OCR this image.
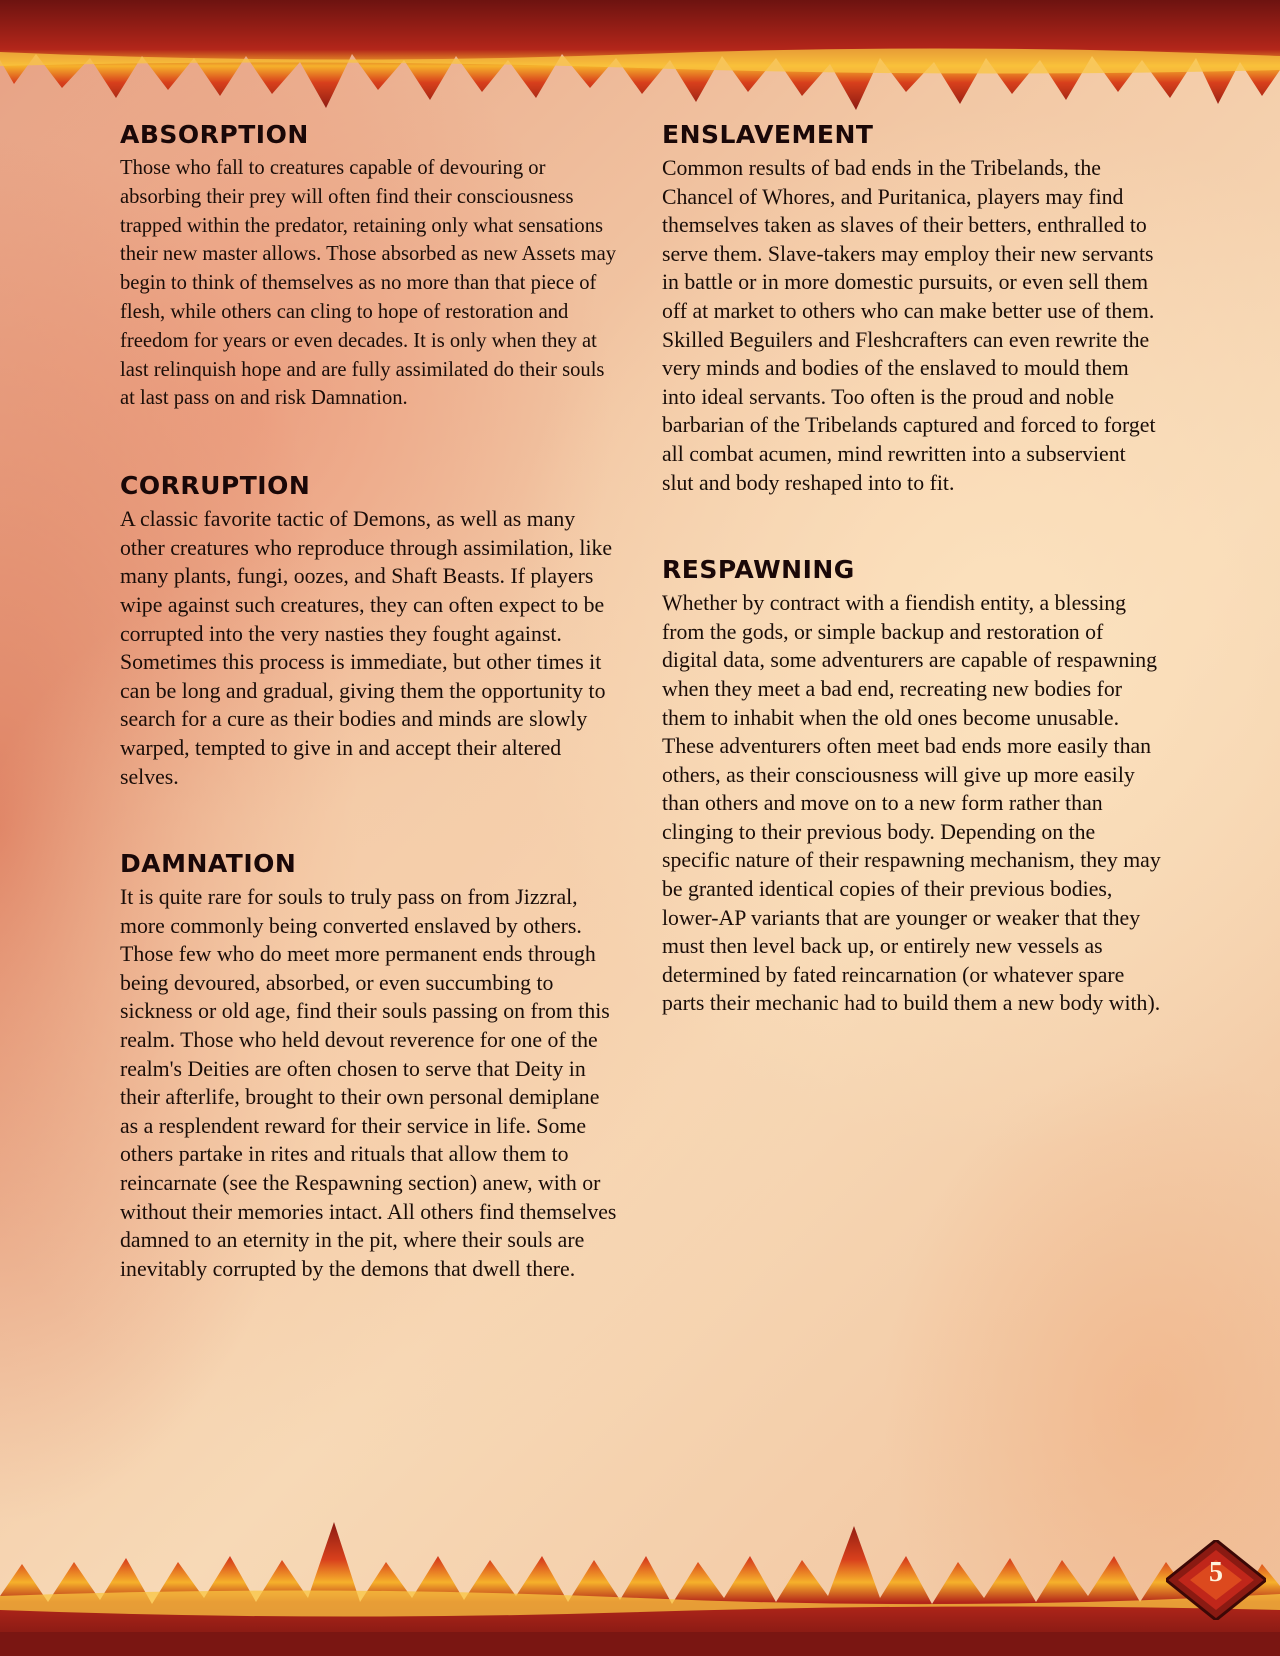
ABSORPTION

Those who fall to creatures capable of devouring or absorbing their prey will often find their consciousness trapped within the predator, retaining only what sensations their new master allows. Those absorbed as new Assets may begin to think of themselves as no more than that piece of flesh, while others can cling to hope of restoration and freedom for years or even decades. It is only when they at last relinquish hope and are fully assimilated do their souls at last pass on and risk Damnation.

CORRUPTION

A classic favorite tactic of Demons, as well as many other creatures who reproduce through assimilation, like many plants, fungi, oozes, and Shaft Beasts. If players wipe against such creatures, they can often expect to be corrupted into the very nasties they fought against. Sometimes this process is immediate, but other times it can be long and gradual, giving them the opportunity to search for a cure as their bodies and minds are slowly warped, tempted to give in and accept their altered selves.

DAMNATION

It is quite rare for souls to truly pass on from Jizzral, more commonly being converted enslaved by others. Those few who do meet more permanent ends through being devoured, absorbed, or even succumbing to sickness or old age, find their souls passing on from this realm. Those who held devout reverence for one of the realm's Deities are often chosen to serve that Deity in their afterlife, brought to their own personal demiplane as a resplendent reward for their service in life. Some others partake in rites and rituals that allow them to reincarnate (see the Respawning section) anew, with or without their memories intact. All others find themselves damned to an eternity in the pit, where their souls are inevitably corrupted by the demons that dwell there.

ENSLAVEMENT

Common results of bad ends in the Tribelands, the Chancel of Whores, and Puritanica, players may find themselves taken as slaves of their betters, enthralled to serve them. Slave-takers may employ their new servants in battle or in more domestic pursuits, or even sell them off at market to others who can make better use of them. Skilled Beguilers and Fleshcrafters can even rewrite the very minds and bodies of the enslaved to mould them into ideal servants. Too often is the proud and noble barbarian of the Tribelands captured and forced to forget all combat acumen, mind rewritten into a subservient slut and body reshaped into to fit.

RESPAWNING

Whether by contract with a fiendish entity, a blessing from the gods, or simple backup and restoration of digital data, some adventurers are capable of respawning when they meet a bad end, recreating new bodies for them to inhabit when the old ones become unusable. These adventurers often meet bad ends more easily than others, as their consciousness will give up more easily than others and move on to a new form rather than clinging to their previous body. Depending on the specific nature of their respawning mechanism, they may be granted identical copies of their previous bodies, lower-AP variants that are younger or weaker that they must then level back up, or entirely new vessels as determined by fated reincarnation (or whatever spare parts their mechanic had to build them a new body with).

5
